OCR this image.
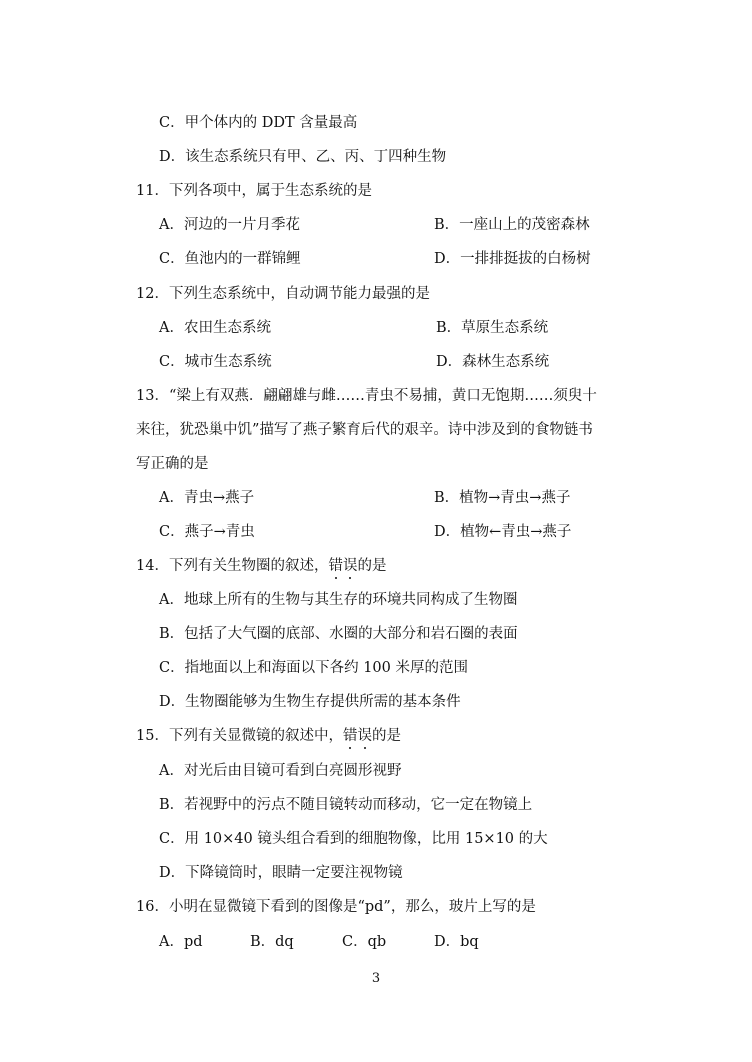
C．甲个体内的 DDT 含量最高
D．该生态系统只有甲、乙、丙、丁四种生物
11．下列各项中，属于生态系统的是
A．河边的一片月季花	B．一座山上的茂密森林
C．鱼池内的一群锦鲤	D．一排排挺拔的白杨树
12．下列生态系统中，自动调节能力最强的是
A．农田生态系统	B．草原生态系统
C．城市生态系统	D．森林生态系统
13．“梁上有双燕．翩翩雄与雌……青虫不易捕，黄口无饱期……须臾十
来往，犹恐巢中饥”描写了燕子繁育后代的艰辛。诗中涉及到的食物链书
写正确的是
A．青虫→燕子	B．植物→青虫→燕子
C．燕子→青虫	D．植物←青虫→燕子
14．下列有关生物圈的叙述，错误的是
A．地球上所有的生物与其生存的环境共同构成了生物圈
B．包括了大气圈的底部、水圈的大部分和岩石圈的表面
C．指地面以上和海面以下各约 100 米厚的范围
D．生物圈能够为生物生存提供所需的基本条件
15．下列有关显微镜的叙述中，错误的是
A．对光后由目镜可看到白亮圆形视野
B．若视野中的污点不随目镜转动而移动，它一定在物镜上
C．用 10×40 镜头组合看到的细胞物像，比用 15×10 的大
D．下降镜筒时，眼睛一定要注视物镜
16．小明在显微镜下看到的图像是“pd”，那么，玻片上写的是
A．pd	B．dq	C．qb	D．bq
3
